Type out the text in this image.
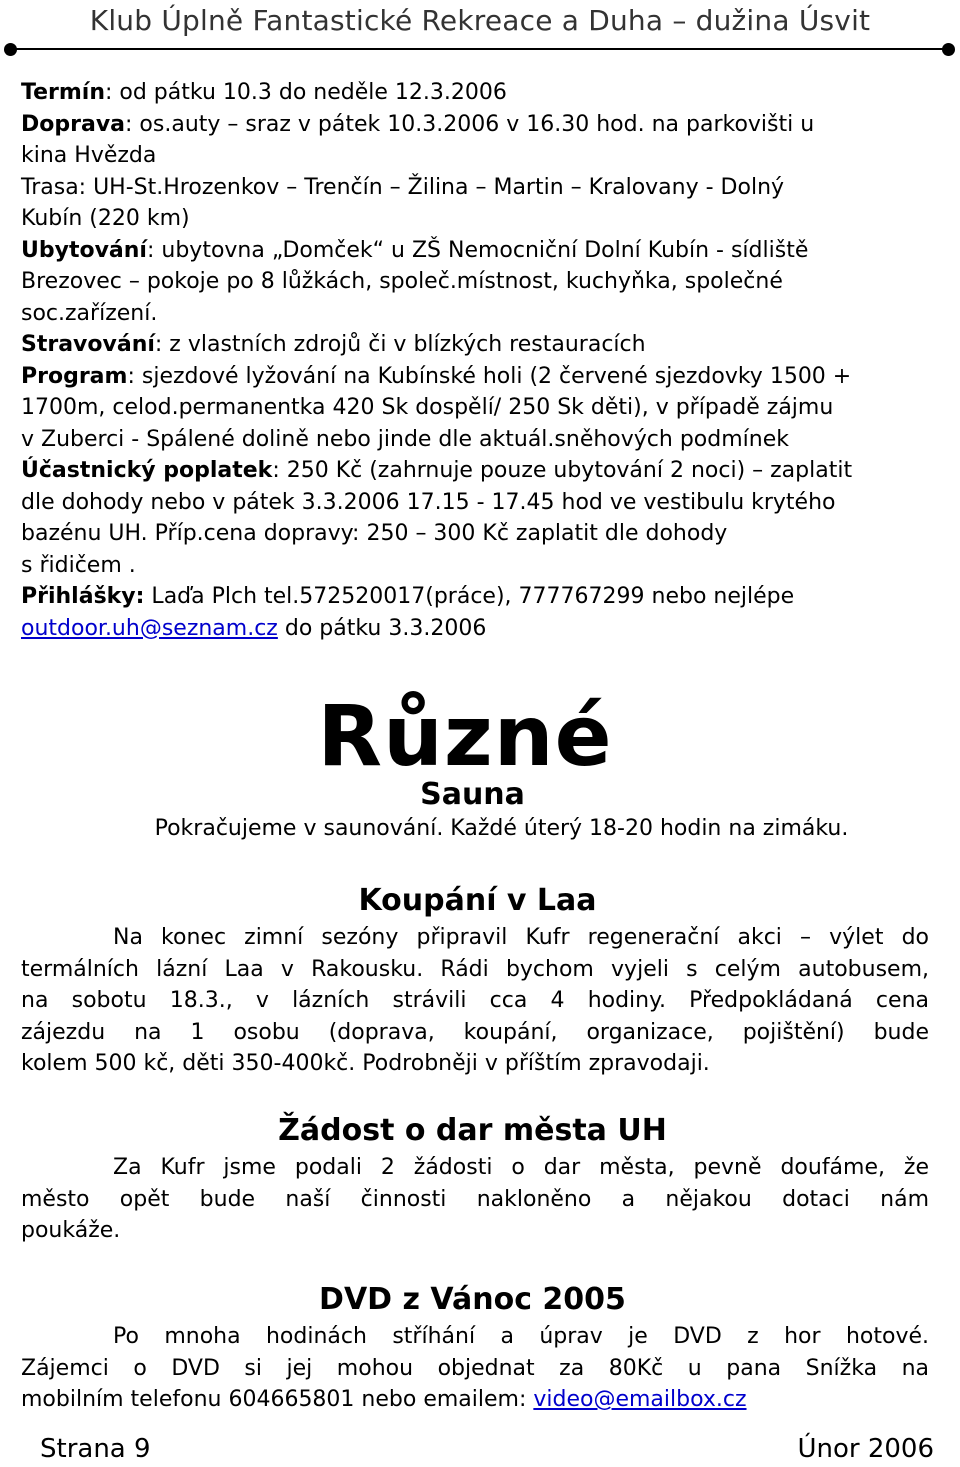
Klub Úplně Fantastické Rekreace a Duha – dužina Úsvit
Termín: od pátku 10.3 do neděle 12.3.2006
Doprava: os.auty – sraz v pátek 10.3.2006 v 16.30 hod. na parkovišti u
kina Hvězda
Trasa: UH-St.Hrozenkov – Trenčín – Žilina – Martin – Kralovany - Dolný
Kubín (220 km)
Ubytování: ubytovna „Domček“ u ZŠ Nemocniční Dolní Kubín - sídliště
Brezovec – pokoje po 8 lůžkách, společ.místnost, kuchyňka, společné
soc.zařízení.
Stravování: z vlastních zdrojů či v blízkých restauracích
Program: sjezdové lyžování na Kubínské holi (2 červené sjezdovky 1500 +
1700m, celod.permanentka 420 Sk dospělí/ 250 Sk děti), v případě zájmu
v Zuberci - Spálené dolině nebo jinde dle aktuál.sněhových podmínek
Účastnický poplatek: 250 Kč (zahrnuje pouze ubytování 2 noci) – zaplatit
dle dohody nebo v pátek 3.3.2006 17.15 - 17.45 hod ve vestibulu krytého
bazénu UH. Příp.cena dopravy: 250 – 300 Kč zaplatit dle dohody
s řidičem .
Přihlášky: Laďa Plch tel.572520017(práce), 777767299 nebo nejlépe
outdoor.uh@seznam.cz do pátku 3.3.2006
Různé
Sauna
Pokračujeme v saunování. Každé úterý 18-20 hodin na zimáku.
Koupání v Laa
Na konec zimní sezóny připravil Kufr regenerační akci – výlet do
termálních lázní Laa v Rakousku. Rádi bychom vyjeli s celým autobusem,
na sobotu 18.3., v lázních strávili cca 4 hodiny. Předpokládaná cena
zájezdu na 1 osobu (doprava, koupání, organizace, pojištění) bude
kolem 500 kč, děti 350-400kč. Podrobněji v příštím zpravodaji.
Žádost o dar města UH
Za Kufr jsme podali 2 žádosti o dar města, pevně doufáme, že
město opět bude naší činnosti nakloněno a nějakou dotaci nám
poukáže.
DVD z Vánoc 2005
Po mnoha hodinách stříhání a úprav je DVD z hor hotové.
Zájemci o DVD si jej mohou objednat za 80Kč u pana Snížka na
mobilním telefonu 604665801 nebo emailem: video@emailbox.cz
Strana 9	Únor 2006
